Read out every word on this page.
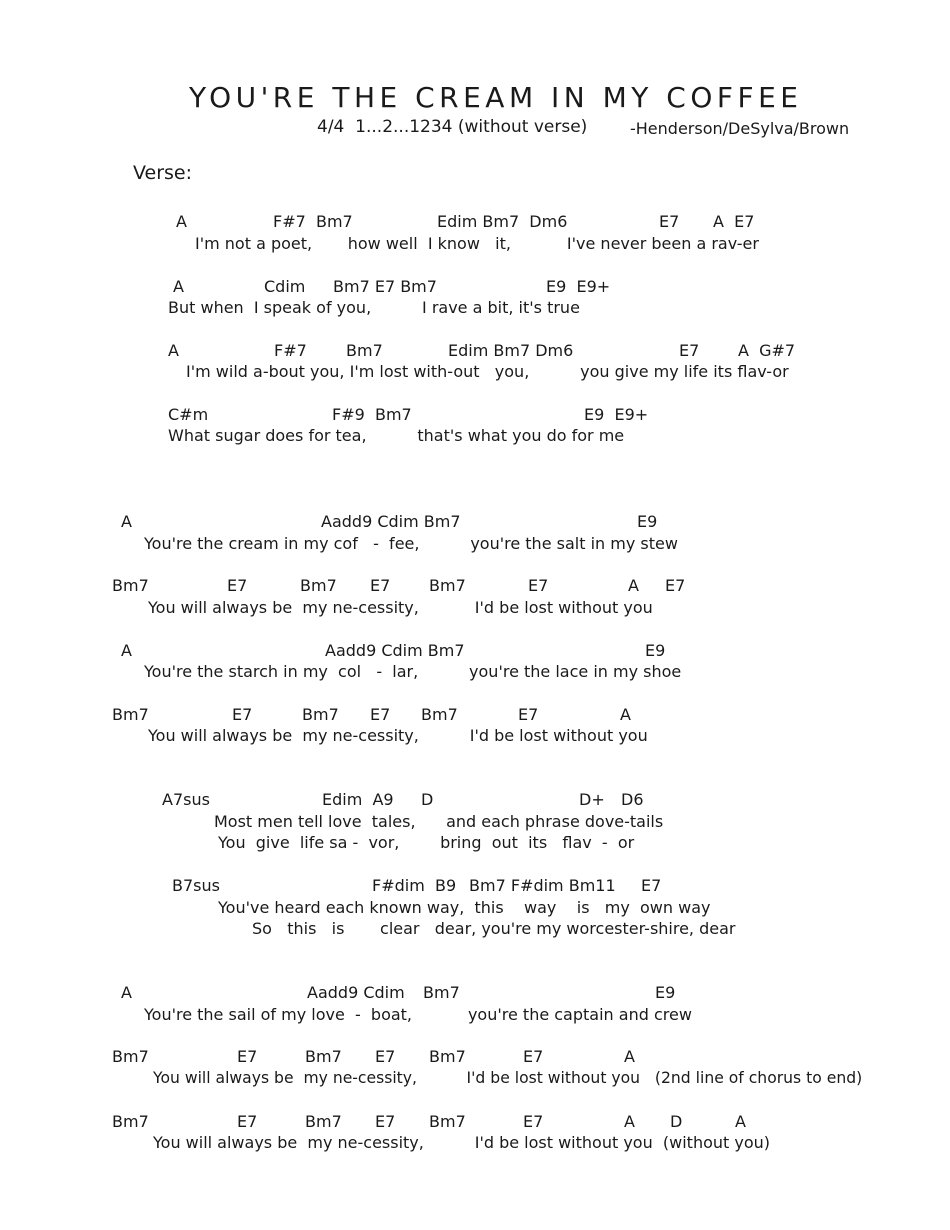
YOU'RE THE CREAM IN MY COFFEE
4/4  1...2...1234 (without verse)	-Henderson/DeSylva/Brown
Verse:
A	F#7  Bm7	Edim Bm7  Dm6	E7 A  E7
I'm not a poet,       how well  I know   it,           I've never been a rav-er
A	Cdim Bm7 E7 Bm7	E9  E9+
But when  I speak of you,          I rave a bit, it's true
A	F#7 Bm7	Edim Bm7 Dm6	E7 A  G#7
I'm wild a-bout you, I'm lost with-out   you,          you give my life its flav-or
C#m	F#9  Bm7	E9  E9+
What sugar does for tea,          that's what you do for me
A	Aadd9 Cdim Bm7	E9
You're the cream in my cof   -  fee,          you're the salt in my stew
Bm7	E7	Bm7 E7 Bm7	E7	A E7
You will always be  my ne-cessity,           I'd be lost without you
A	Aadd9 Cdim Bm7	E9
You're the starch in my  col   -  lar,          you're the lace in my shoe
Bm7	E7	Bm7 E7 Bm7	E7	A
You will always be  my ne-cessity,          I'd be lost without you
A7sus	Edim  A9 D	D+ D6
Most men tell love  tales,      and each phrase dove-tails
You  give  life sa -  vor,        bring  out  its   flav  -  or
B7sus	F#dim  B9 Bm7 F#dim Bm11 E7
You've heard each known way,  this    way    is   my  own way
So   this   is       clear   dear, you're my worcester-shire, dear
A	Aadd9 Cdim Bm7	E9
You're the sail of my love  -  boat,           you're the captain and crew
Bm7	E7	Bm7 E7 Bm7	E7	A
You will always be  my ne-cessity,          I'd be lost without you   (2nd line of chorus to end)
Bm7	E7	Bm7 E7 Bm7	E7	A D	A
You will always be  my ne-cessity,          I'd be lost without you  (without you)
